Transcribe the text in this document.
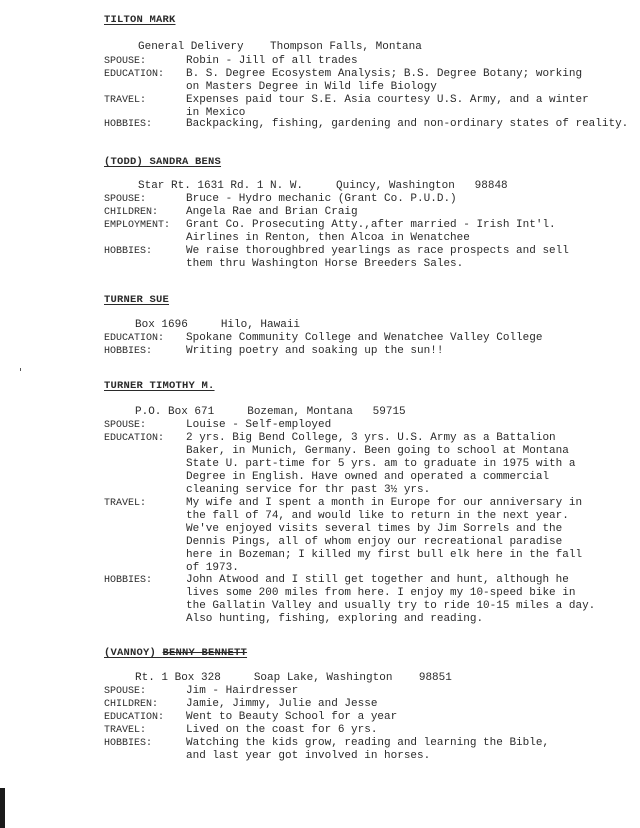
TILTON MARK
General Delivery    Thompson Falls, Montana
SPOUSE:	Robin - Jill of all trades
EDUCATION: B. S. Degree Ecosystem Analysis; B.S. Degree Botany; working
on Masters Degree in Wild life Biology
TRAVEL:	Expenses paid tour S.E. Asia courtesy U.S. Army, and a winter
in Mexico
HOBBIES:	Backpacking, fishing, gardening and non-ordinary states of reality.
(TODD) SANDRA BENS
Star Rt. 1631 Rd. 1 N. W.     Quincy, Washington   98848
SPOUSE:	Bruce - Hydro mechanic (Grant Co. P.U.D.)
CHILDREN:	Angela Rae and Brian Craig
EMPLOYMENT: Grant Co. Prosecuting Atty.,after married - Irish Int'l.
Airlines in Renton, then Alcoa in Wenatchee
HOBBIES:	We raise thoroughbred yearlings as race prospects and sell
them thru Washington Horse Breeders Sales.
TURNER SUE
Box 1696     Hilo, Hawaii
EDUCATION: Spokane Community College and Wenatchee Valley College
HOBBIES:	Writing poetry and soaking up the sun!!
TURNER TIMOTHY M.
P.O. Box 671     Bozeman, Montana   59715
SPOUSE:	Louise - Self-employed
EDUCATION: 2 yrs. Big Bend College, 3 yrs. U.S. Army as a Battalion
Baker, in Munich, Germany. Been going to school at Montana
State U. part-time for 5 yrs. am to graduate in 1975 with a
Degree in English. Have owned and operated a commercial
cleaning service for thr past 3½ yrs.
TRAVEL:	My wife and I spent a month in Europe for our anniversary in
the fall of 74, and would like to return in the next year.
We've enjoyed visits several times by Jim Sorrels and the
Dennis Pings, all of whom enjoy our recreational paradise
here in Bozeman; I killed my first bull elk here in the fall
of 1973.
HOBBIES:	John Atwood and I still get together and hunt, although he
lives some 200 miles from here. I enjoy my 10-speed bike in
the Gallatin Valley and usually try to ride 10-15 miles a day.
Also hunting, fishing, exploring and reading.
(VANNOY) BENNY BENNETT
Rt. 1 Box 328     Soap Lake, Washington    98851
SPOUSE:	Jim - Hairdresser
CHILDREN:	Jamie, Jimmy, Julie and Jesse
EDUCATION: Went to Beauty School for a year
TRAVEL:	Lived on the coast for 6 yrs.
HOBBIES:	Watching the kids grow, reading and learning the Bible,
and last year got involved in horses.
